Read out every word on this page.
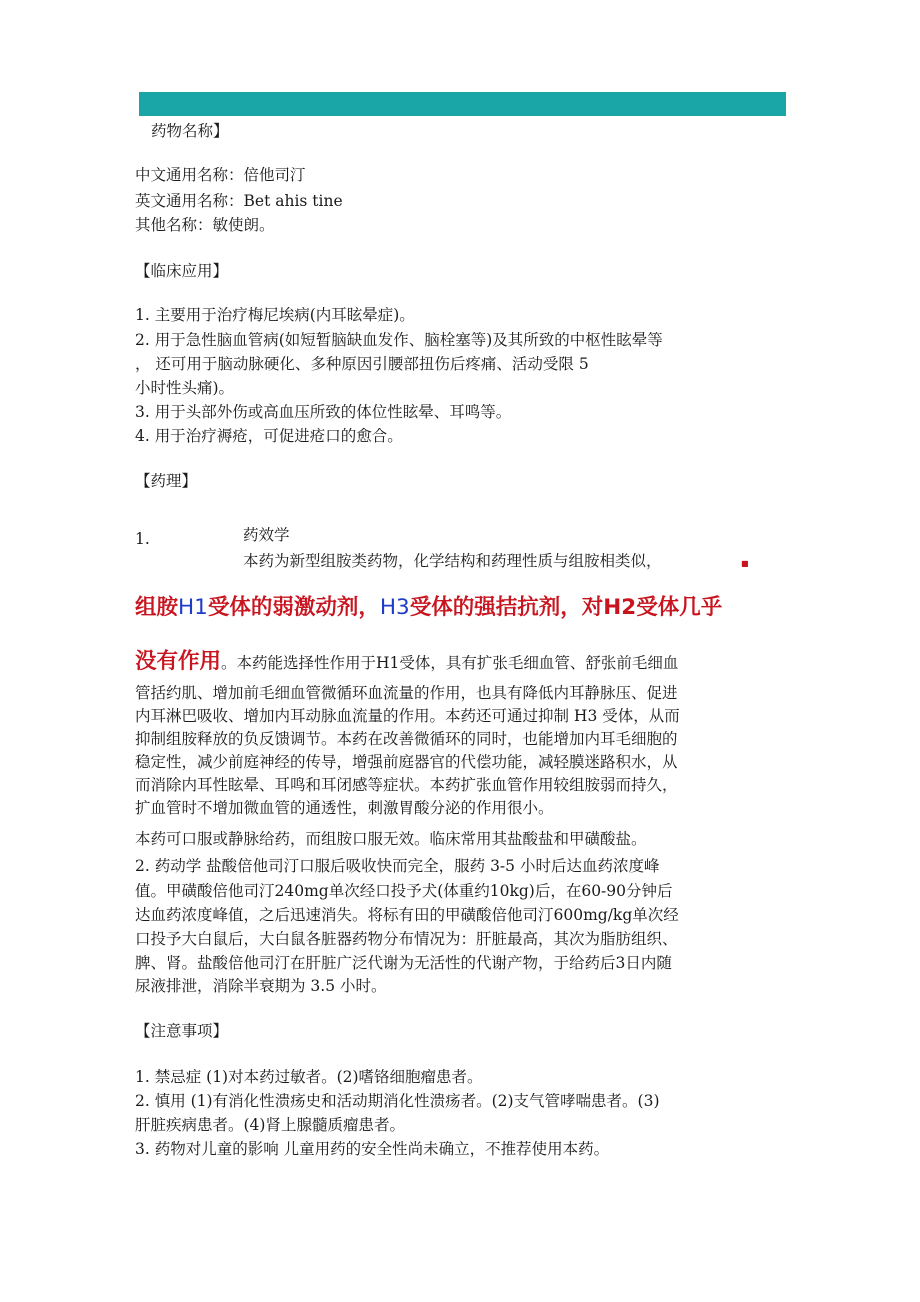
药物名称】
中文通用名称：倍他司汀
英文通用名称：Bet ahis tine
其他名称：敏使朗。
【临床应用】
1. 主要用于治疗梅尼埃病(内耳眩晕症)。
2. 用于急性脑血管病(如短暂脑缺血发作、脑栓塞等)及其所致的中枢性眩晕等
， 还可用于脑动脉硬化、多种原因引腰部扭伤后疼痛、活动受限 5
小时性头痛)。
3. 用于头部外伤或高血压所致的体位性眩晕、耳鸣等。
4. 用于治疗褥疮，可促进疮口的愈合。
【药理】
1.	药效学
本药为新型组胺类药物，化学结构和药理性质与组胺相类似，	■
组胺H1受体的弱激动剂，H3受体的强拮抗剂，对H2受体几乎
没有作用。本药能选择性作用于H1受体，具有扩张毛细血管、舒张前毛细血
管括约肌、增加前毛细血管微循环血流量的作用，也具有降低内耳静脉压、促进
内耳淋巴吸收、增加内耳动脉血流量的作用。本药还可通过抑制 H3 受体，从而
抑制组胺释放的负反馈调节。本药在改善微循环的同时，也能增加内耳毛细胞的
稳定性，减少前庭神经的传导，增强前庭器官的代偿功能，减轻膜迷路积水，从
而消除内耳性眩晕、耳鸣和耳闭感等症状。本药扩张血管作用较组胺弱而持久，
扩血管时不增加微血管的通透性，刺激胃酸分泌的作用很小。
本药可口服或静脉给药，而组胺口服无效。临床常用其盐酸盐和甲磺酸盐。
2. 药动学 盐酸倍他司汀口服后吸收快而完全，服药 3-5 小时后达血药浓度峰
值。甲磺酸倍他司汀240mg单次经口投予犬(体重约10kg)后，在60-90分钟后
达血药浓度峰值，之后迅速消失。将标有田的甲磺酸倍他司汀600mg/kg单次经
口投予大白鼠后，大白鼠各脏器药物分布情况为：肝脏最高，其次为脂肪组织、
脾、肾。盐酸倍他司汀在肝脏广泛代谢为无活性的代谢产物，于给药后3日内随
尿液排泄，消除半衰期为 3.5 小时。
【注意事项】
1. 禁忌症 (1)对本药过敏者。(2)嗜铬细胞瘤患者。
2. 慎用 (1)有消化性溃疡史和活动期消化性溃疡者。(2)支气管哮喘患者。(3)
肝脏疾病患者。(4)肾上腺髓质瘤患者。
3. 药物对儿童的影响 儿童用药的安全性尚未确立，不推荐使用本药。
